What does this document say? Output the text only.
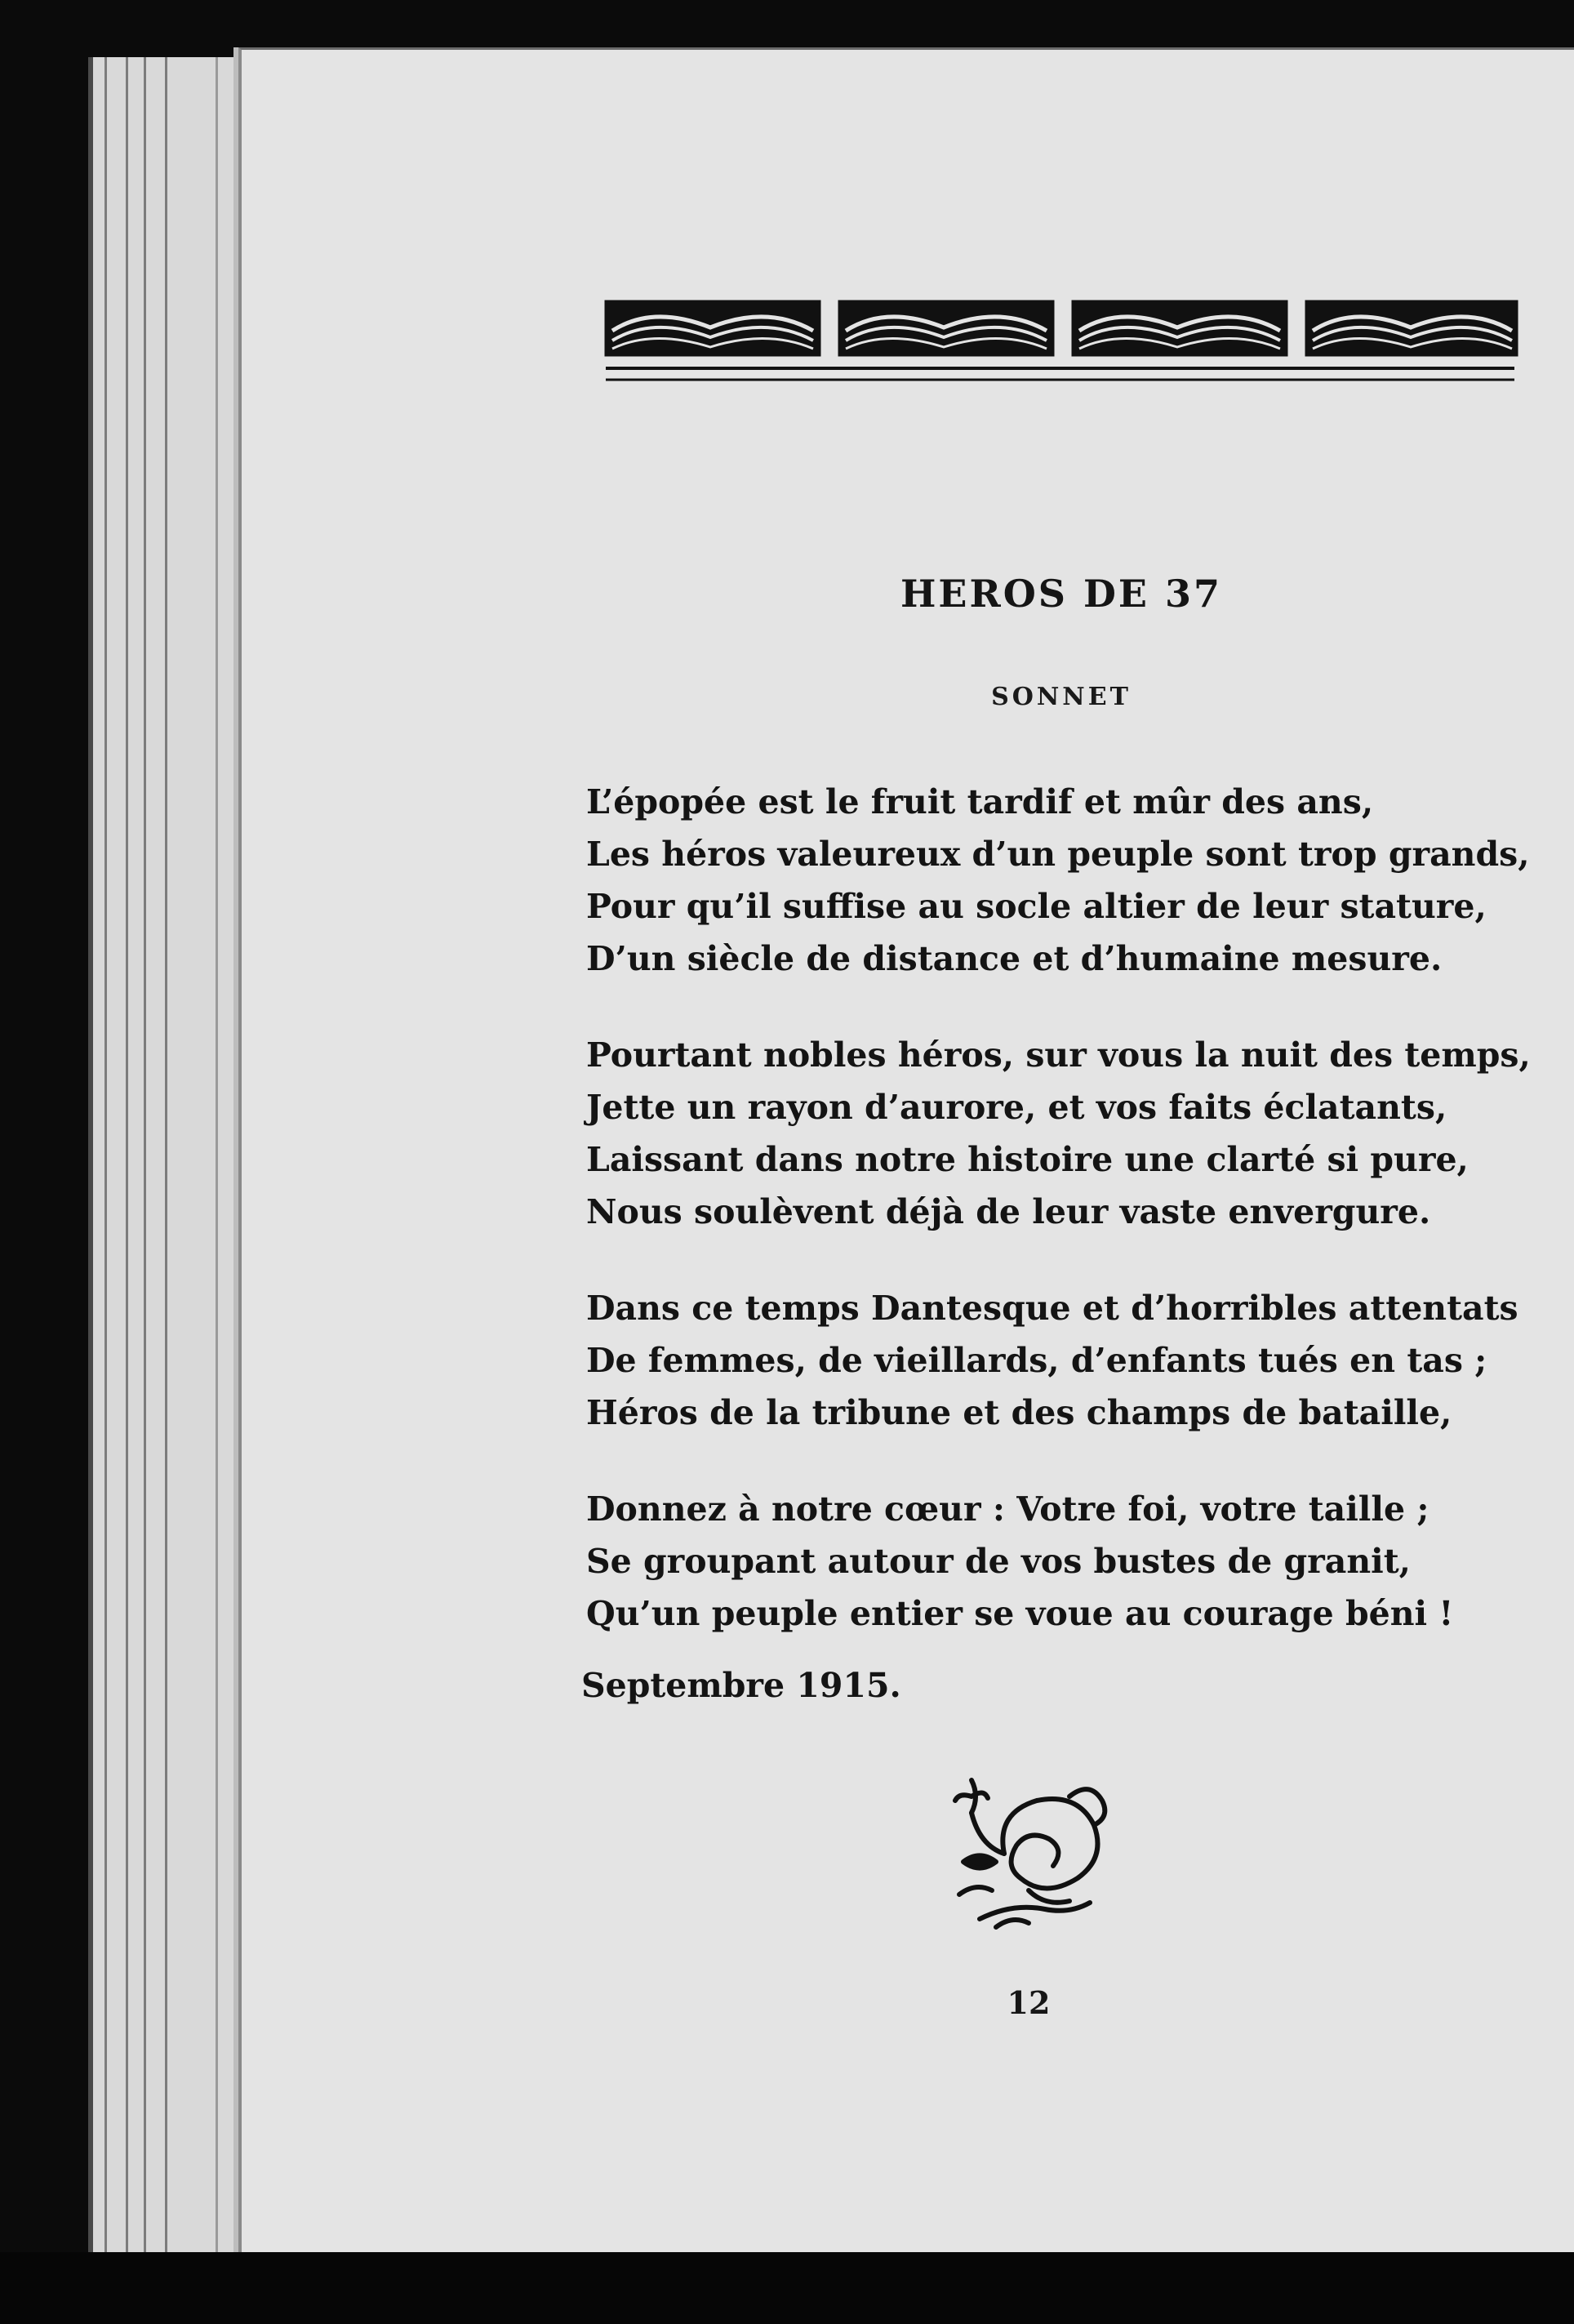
HEROS DE 37
SONNET
L’épopée est le fruit tardif et mûr des ans,
Les héros valeureux d’un peuple sont trop grands,
Pour qu’il suffise au socle altier de leur stature,
D’un siècle de distance et d’humaine mesure.
Pourtant nobles héros, sur vous la nuit des temps,
Jette un rayon d’aurore, et vos faits éclatants,
Laissant dans notre histoire une clarté si pure,
Nous soulèvent déjà de leur vaste envergure.
Dans ce temps Dantesque et d’horribles attentats
De femmes, de vieillards, d’enfants tués en tas ;
Héros de la tribune et des champs de bataille,
Donnez à notre cœur : Votre foi, votre taille ;
Se groupant autour de vos bustes de granit,
Qu’un peuple entier se voue au courage béni !

Septembre 1915.

12
